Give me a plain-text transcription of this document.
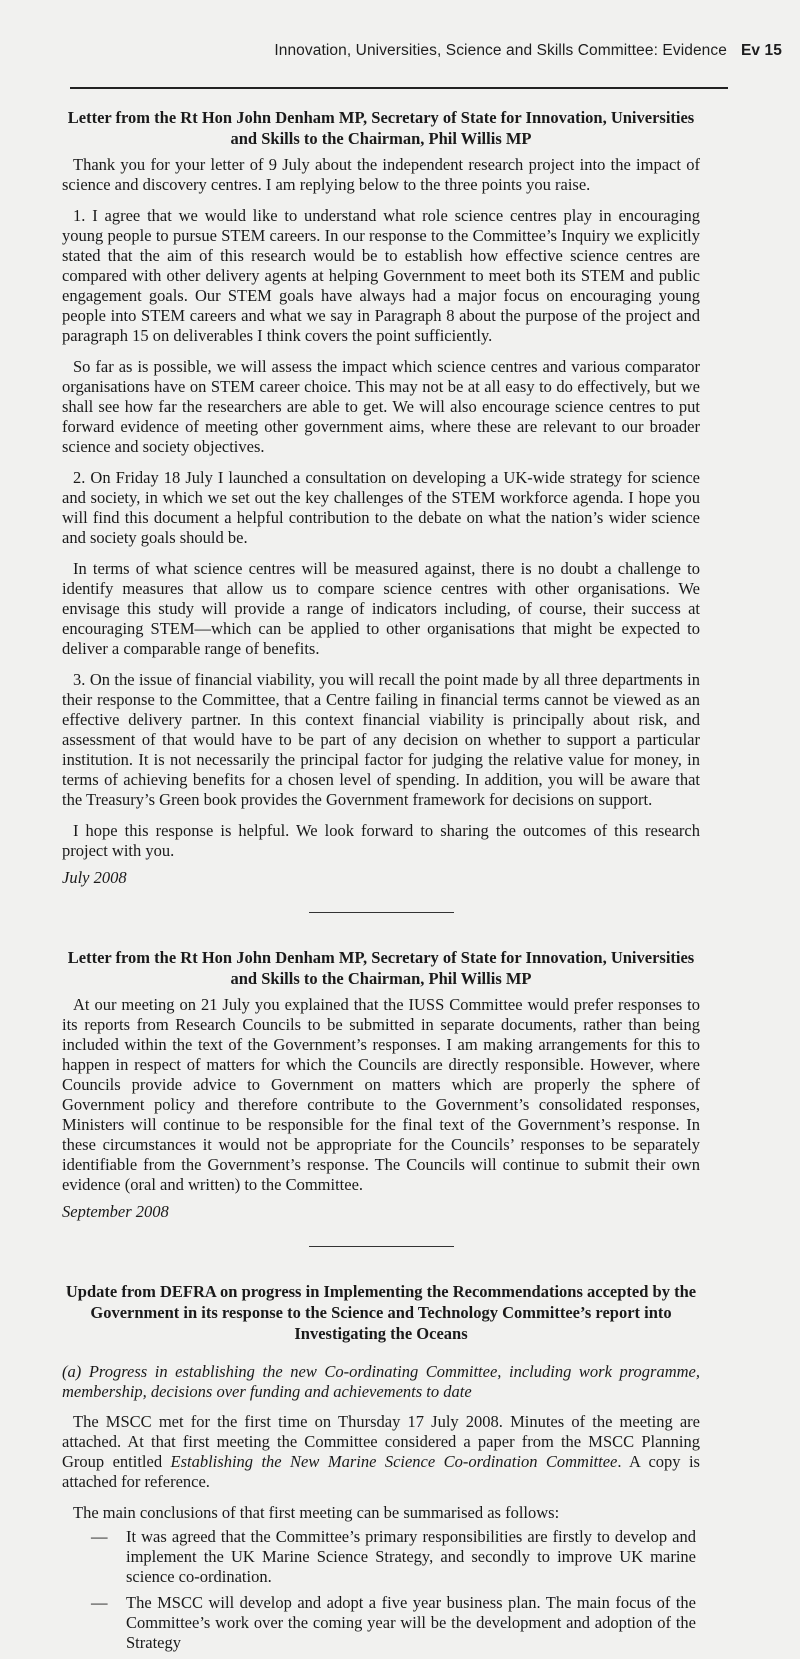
Innovation, Universities, Science and Skills Committee: Evidence Ev 15
Letter from the Rt Hon John Denham MP, Secretary of State for Innovation, Universities and Skills to the Chairman, Phil Willis MP

Thank you for your letter of 9 July about the independent research project into the impact of science and discovery centres. I am replying below to the three points you raise.

1. I agree that we would like to understand what role science centres play in encouraging young people to pursue STEM careers. In our response to the Committee’s Inquiry we explicitly stated that the aim of this research would be to establish how effective science centres are compared with other delivery agents at helping Government to meet both its STEM and public engagement goals. Our STEM goals have always had a major focus on encouraging young people into STEM careers and what we say in Paragraph 8 about the purpose of the project and paragraph 15 on deliverables I think covers the point sufficiently.

So far as is possible, we will assess the impact which science centres and various comparator organisations have on STEM career choice. This may not be at all easy to do effectively, but we shall see how far the researchers are able to get. We will also encourage science centres to put forward evidence of meeting other government aims, where these are relevant to our broader science and society objectives.

2. On Friday 18 July I launched a consultation on developing a UK-wide strategy for science and society, in which we set out the key challenges of the STEM workforce agenda. I hope you will find this document a helpful contribution to the debate on what the nation’s wider science and society goals should be.

In terms of what science centres will be measured against, there is no doubt a challenge to identify measures that allow us to compare science centres with other organisations. We envisage this study will provide a range of indicators including, of course, their success at encouraging STEM—which can be applied to other organisations that might be expected to deliver a comparable range of benefits.

3. On the issue of financial viability, you will recall the point made by all three departments in their response to the Committee, that a Centre failing in financial terms cannot be viewed as an effective delivery partner. In this context financial viability is principally about risk, and assessment of that would have to be part of any decision on whether to support a particular institution. It is not necessarily the principal factor for judging the relative value for money, in terms of achieving benefits for a chosen level of spending. In addition, you will be aware that the Treasury’s Green book provides the Government framework for decisions on support.

I hope this response is helpful. We look forward to sharing the outcomes of this research project with you.

July 2008
Letter from the Rt Hon John Denham MP, Secretary of State for Innovation, Universities and Skills to the Chairman, Phil Willis MP

At our meeting on 21 July you explained that the IUSS Committee would prefer responses to its reports from Research Councils to be submitted in separate documents, rather than being included within the text of the Government’s responses. I am making arrangements for this to happen in respect of matters for which the Councils are directly responsible. However, where Councils provide advice to Government on matters which are properly the sphere of Government policy and therefore contribute to the Government’s consolidated responses, Ministers will continue to be responsible for the final text of the Government’s response. In these circumstances it would not be appropriate for the Councils’ responses to be separately identifiable from the Government’s response. The Councils will continue to submit their own evidence (oral and written) to the Committee.

September 2008
Update from DEFRA on progress in Implementing the Recommendations accepted by the Government in its response to the Science and Technology Committee’s report into Investigating the Oceans
(a) Progress in establishing the new Co-ordinating Committee, including work programme, membership, decisions over funding and achievements to date

The MSCC met for the first time on Thursday 17 July 2008. Minutes of the meeting are attached. At that first meeting the Committee considered a paper from the MSCC Planning Group entitled Establishing the New Marine Science Co-ordination Committee. A copy is attached for reference.

The main conclusions of that first meeting can be summarised as follows:
— It was agreed that the Committee’s primary responsibilities are firstly to develop and implement the UK Marine Science Strategy, and secondly to improve UK marine science co-ordination.
— The MSCC will develop and adopt a five year business plan. The main focus of the Committee’s work over the coming year will be the development and adoption of the Strategy
